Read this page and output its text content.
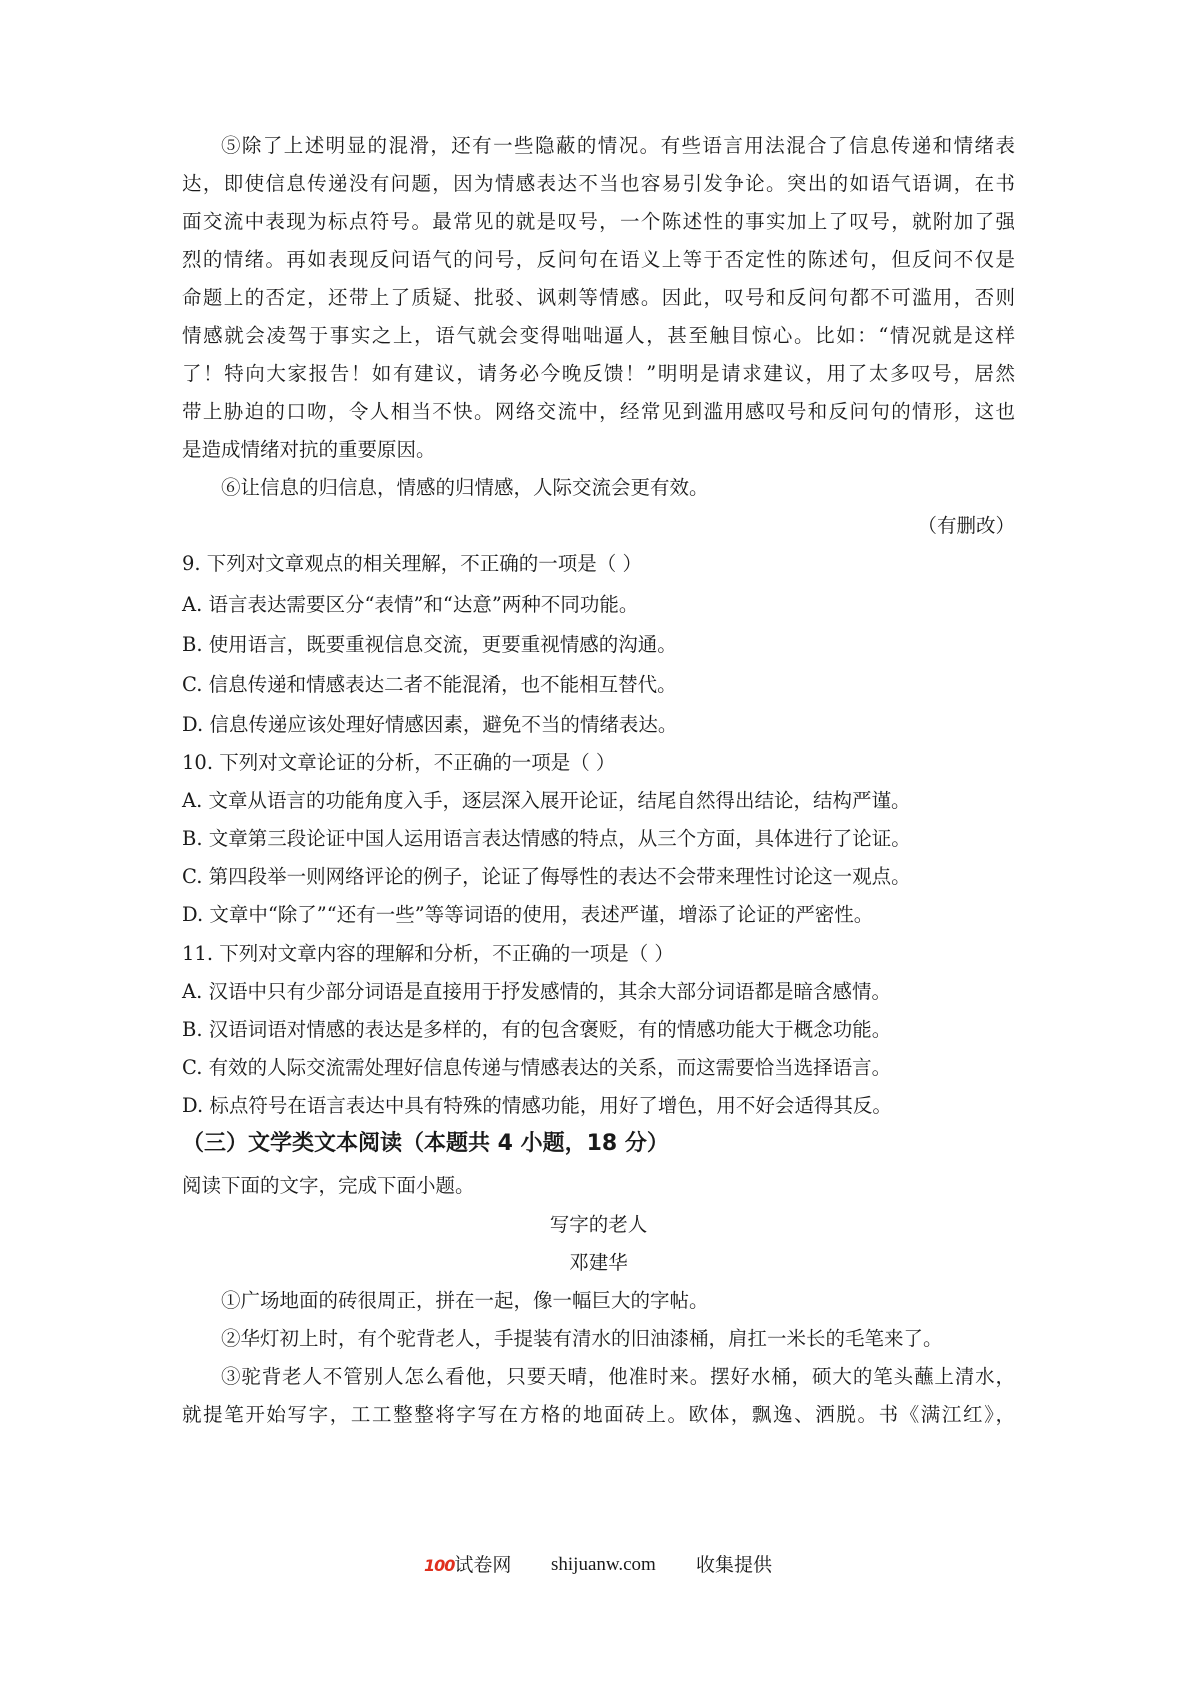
⑤除了上述明显的混滑，还有一些隐蔽的情况。有些语言用法混合了信息传递和情绪表
达，即使信息传递没有问题，因为情感表达不当也容易引发争论。突出的如语气语调，在书
面交流中表现为标点符号。最常见的就是叹号，一个陈述性的事实加上了叹号，就附加了强
烈的情绪。再如表现反问语气的问号，反问句在语义上等于否定性的陈述句，但反问不仅是
命题上的否定，还带上了质疑、批驳、讽刺等情感。因此，叹号和反问句都不可滥用，否则
情感就会凌驾于事实之上，语气就会变得咄咄逼人，甚至触目惊心。比如：“情况就是这样
了！特向大家报告！如有建议，请务必今晚反馈！”明明是请求建议，用了太多叹号，居然
带上胁迫的口吻，令人相当不快。网络交流中，经常见到滥用感叹号和反问句的情形，这也
是造成情绪对抗的重要原因。
⑥让信息的归信息，情感的归情感，人际交流会更有效。
（有删改）
9. 下列对文章观点的相关理解，不正确的一项是（ ）
A. 语言表达需要区分“表情”和“达意”两种不同功能。
B. 使用语言，既要重视信息交流，更要重视情感的沟通。
C. 信息传递和情感表达二者不能混淆，也不能相互替代。
D. 信息传递应该处理好情感因素，避免不当的情绪表达。
10. 下列对文章论证的分析，不正确的一项是（ ）
A. 文章从语言的功能角度入手，逐层深入展开论证，结尾自然得出结论，结构严谨。
B. 文章第三段论证中国人运用语言表达情感的特点，从三个方面，具体进行了论证。
C. 第四段举一则网络评论的例子，论证了侮辱性的表达不会带来理性讨论这一观点。
D. 文章中“除了”“还有一些”等等词语的使用，表述严谨，增添了论证的严密性。
11. 下列对文章内容的理解和分析，不正确的一项是（ ）
A. 汉语中只有少部分词语是直接用于抒发感情的，其余大部分词语都是暗含感情。
B. 汉语词语对情感的表达是多样的，有的包含褒贬，有的情感功能大于概念功能。
C. 有效的人际交流需处理好信息传递与情感表达的关系，而这需要恰当选择语言。
D. 标点符号在语言表达中具有特殊的情感功能，用好了增色，用不好会适得其反。
（三）文学类文本阅读（本题共 4 小题，18 分）
阅读下面的文字，完成下面小题。
写字的老人
邓建华
①广场地面的砖很周正，拼在一起，像一幅巨大的字帖。
②华灯初上时，有个驼背老人，手提装有清水的旧油漆桶，肩扛一米长的毛笔来了。
③驼背老人不管别人怎么看他，只要天晴，他准时来。摆好水桶，硕大的笔头蘸上清水，
就提笔开始写字，工工整整将字写在方格的地面砖上。欧体，飘逸、洒脱。书《满江红》，
100试卷网 shijuanw.com 收集提供
